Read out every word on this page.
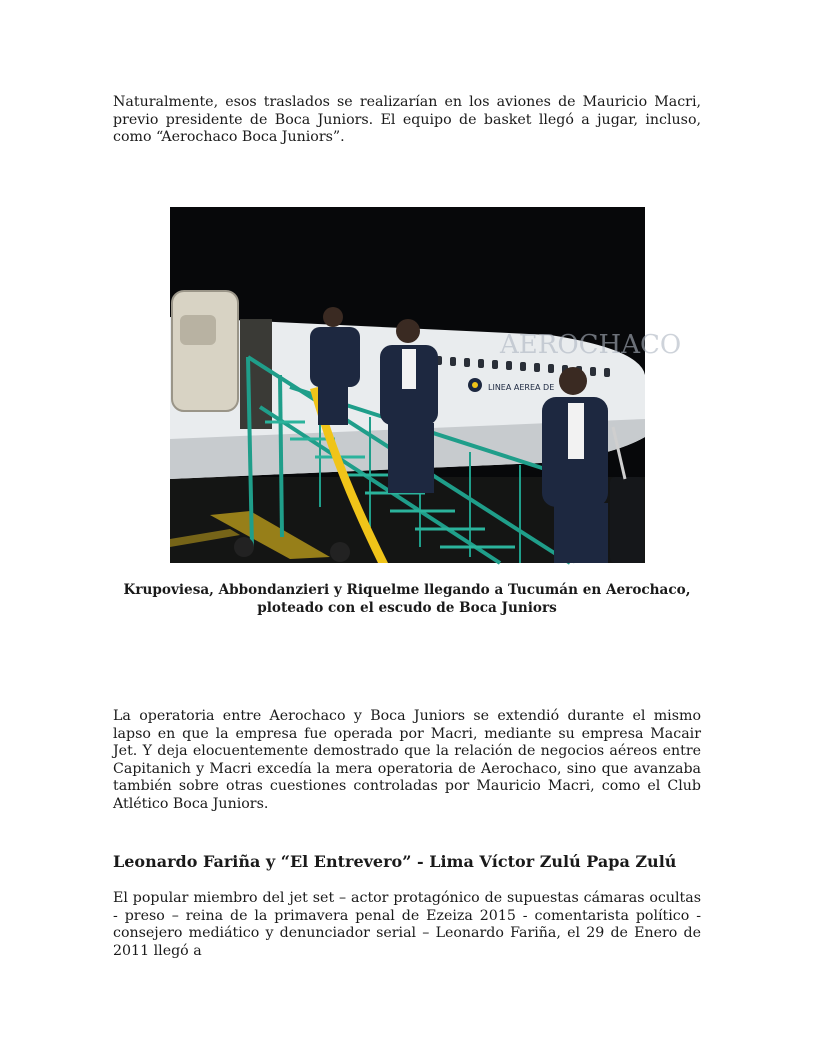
Naturalmente, esos traslados se realizarían en los aviones de Mauricio Macri, previo presidente de Boca Juniors. El equipo de basket llegó a jugar, incluso, como “Aerochaco Boca Juniors”.

AEROCHACO
LINEA AEREA DE

Krupoviesa, Abbondanzieri y Riquelme llegando a Tucumán en Aerochaco,
ploteado con el escudo de Boca Juniors

La operatoria entre Aerochaco y Boca Juniors se extendió durante el mismo lapso en que la empresa fue operada por Macri, mediante su empresa Macair Jet. Y deja elocuentemente demostrado que la relación de negocios aéreos entre Capitanich y Macri excedía la mera operatoria de Aerochaco, sino que avanzaba también sobre otras cuestiones controladas por Mauricio Macri, como el Club Atlético Boca Juniors.

Leonardo Fariña y “El Entrevero” - Lima Víctor Zulú Papa Zulú

El popular miembro del jet set – actor protagónico de supuestas cámaras ocultas - preso – reina de la primavera penal de Ezeiza 2015 - comentarista político - consejero mediático y denunciador serial – Leonardo Fariña, el 29 de Enero de 2011 llegó a
